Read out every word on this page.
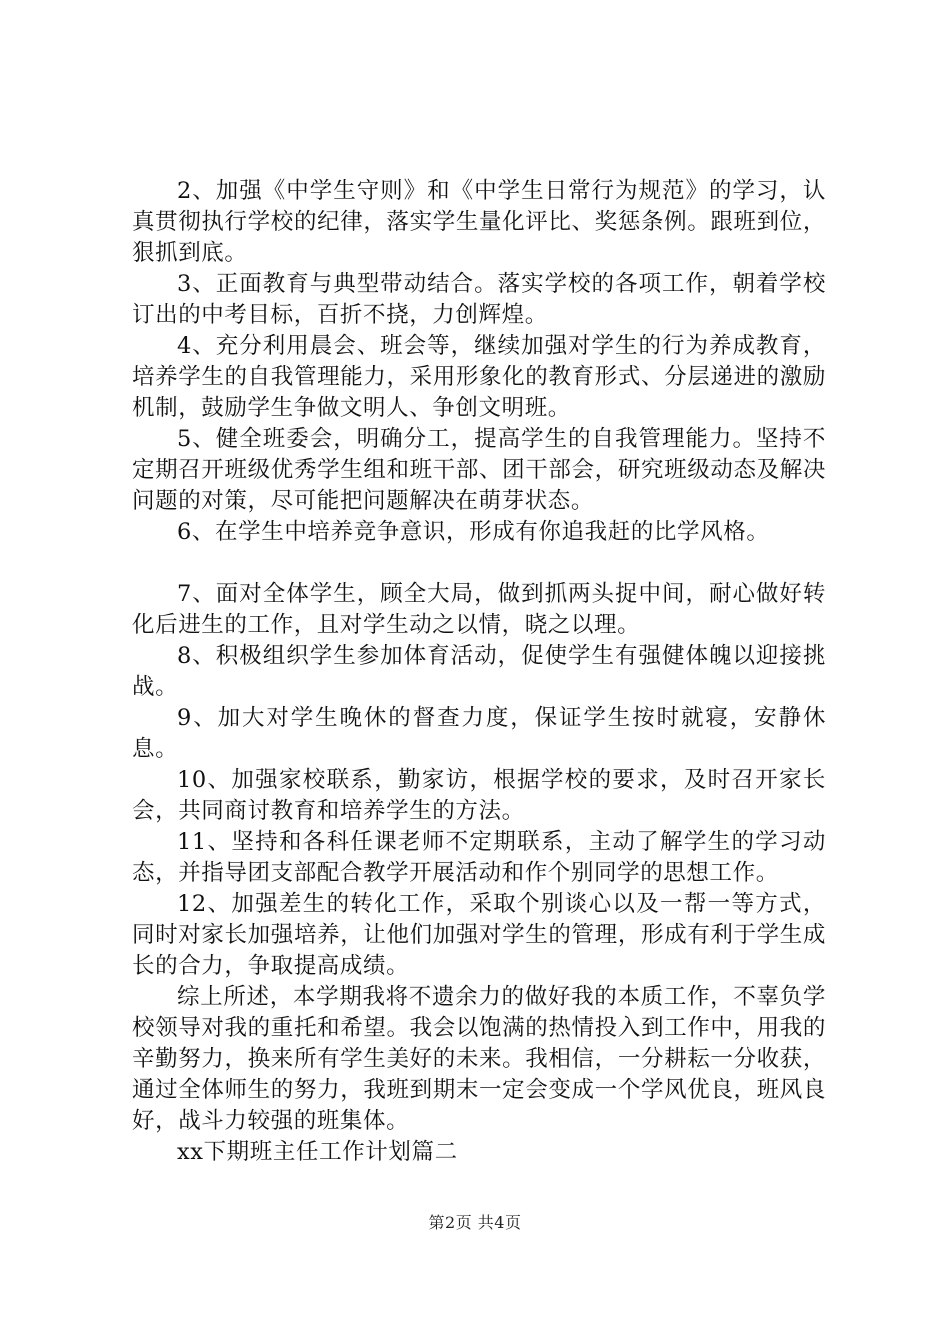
2、加强《中学生守则》和《中学生日常行为规范》的学习，认真贯彻执行学校的纪律，落实学生量化评比、奖惩条例。跟班到位，狠抓到底。

3、正面教育与典型带动结合。落实学校的各项工作，朝着学校订出的中考目标，百折不挠，力创辉煌。

4、充分利用晨会、班会等，继续加强对学生的行为养成教育，培养学生的自我管理能力，采用形象化的教育形式、分层递进的激励机制，鼓励学生争做文明人、争创文明班。

5、健全班委会，明确分工，提高学生的自我管理能力。坚持不定期召开班级优秀学生组和班干部、团干部会，研究班级动态及解决问题的对策，尽可能把问题解决在萌芽状态。

6、在学生中培养竞争意识，形成有你追我赶的比学风格。

7、面对全体学生，顾全大局，做到抓两头捉中间，耐心做好转化后进生的工作，且对学生动之以情，晓之以理。

8、积极组织学生参加体育活动，促使学生有强健体魄以迎接挑战。

9、加大对学生晚休的督查力度，保证学生按时就寝，安静休息。

10、加强家校联系，勤家访，根据学校的要求，及时召开家长会，共同商讨教育和培养学生的方法。

11、坚持和各科任课老师不定期联系，主动了解学生的学习动态，并指导团支部配合教学开展活动和作个别同学的思想工作。

12、加强差生的转化工作，采取个别谈心以及一帮一等方式，同时对家长加强培养，让他们加强对学生的管理，形成有利于学生成长的合力，争取提高成绩。

综上所述，本学期我将不遗余力的做好我的本质工作，不辜负学校领导对我的重托和希望。我会以饱满的热情投入到工作中，用我的辛勤努力，换来所有学生美好的未来。我相信，一分耕耘一分收获，通过全体师生的努力，我班到期末一定会变成一个学风优良，班风良好，战斗力较强的班集体。

xx下期班主任工作计划篇二

第2页 共4页
